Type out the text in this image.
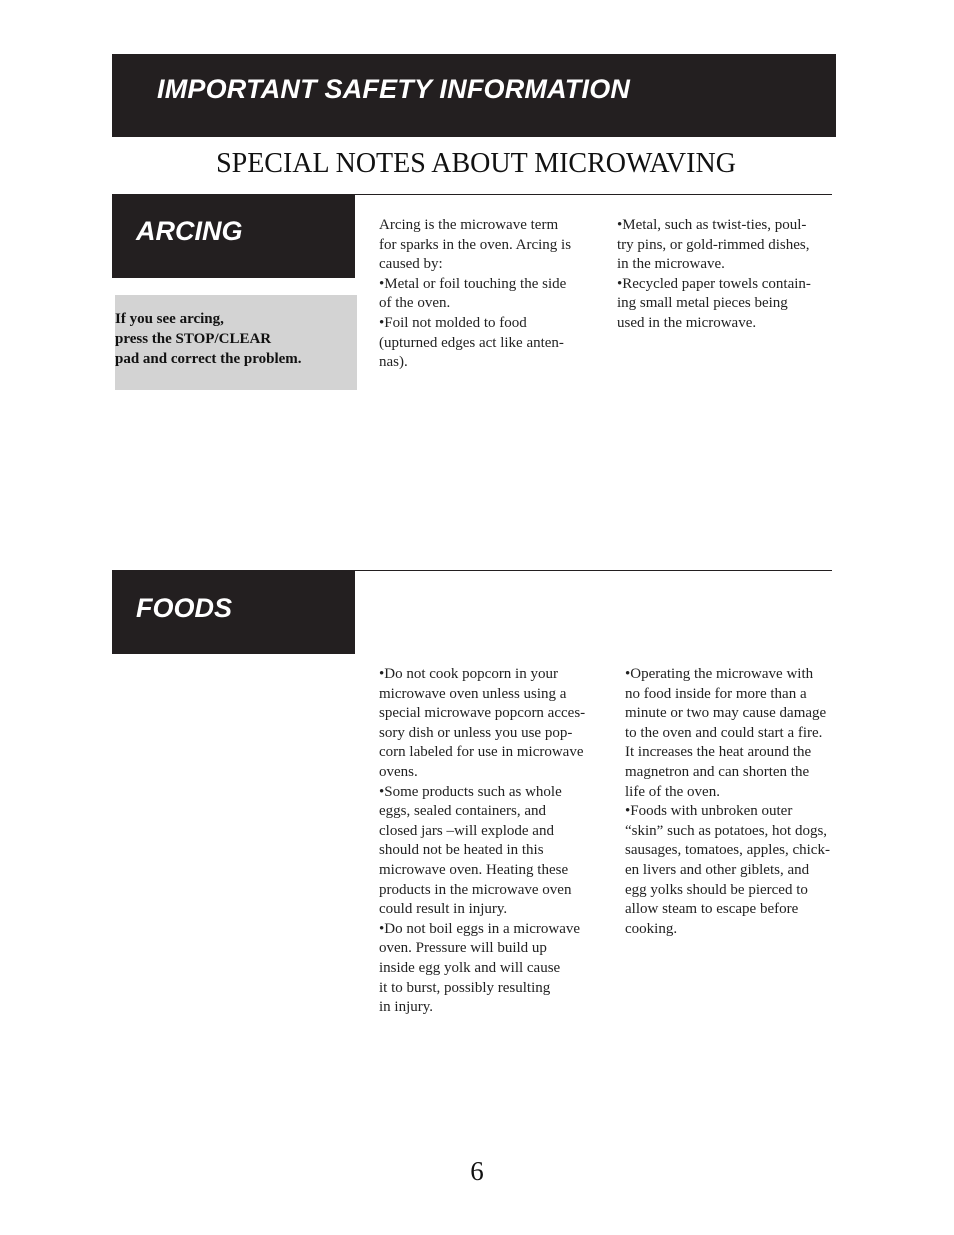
IMPORTANT SAFETY INFORMATION
SPECIAL NOTES ABOUT MICROWAVING
ARCING
If you see arcing,
press the STOP/CLEAR
pad and correct the problem.
Arcing is the microwave term
for sparks in the oven. Arcing is
caused by:
•Metal or foil touching the side
of the oven.
•Foil not molded to food
(upturned edges act like anten-
nas).
•Metal, such as twist-ties, poul-
try pins, or gold-rimmed dishes,
in the microwave.
•Recycled paper towels contain-
ing small metal pieces being
used in the microwave.
FOODS
•Do not cook popcorn in your
microwave oven unless using a
special microwave popcorn acces-
sory dish or unless you use pop-
corn labeled for use in microwave
ovens.
•Some products such as whole
eggs, sealed containers, and
closed jars –will explode and
should not be heated in this
microwave oven. Heating these
products in the microwave oven
could result in injury.
•Do not boil eggs in a microwave
oven. Pressure will build up
inside egg yolk and will cause
it to burst, possibly resulting
in injury.
•Operating the microwave with
no food inside for more than a
minute or two may cause damage
to the oven and could start a fire.
It increases the heat around the
magnetron and can shorten the
life of the oven.
•Foods with unbroken outer
“skin” such as potatoes, hot dogs,
sausages, tomatoes, apples, chick-
en livers and other giblets, and
egg yolks should be pierced to
allow steam to escape before
cooking.
6
